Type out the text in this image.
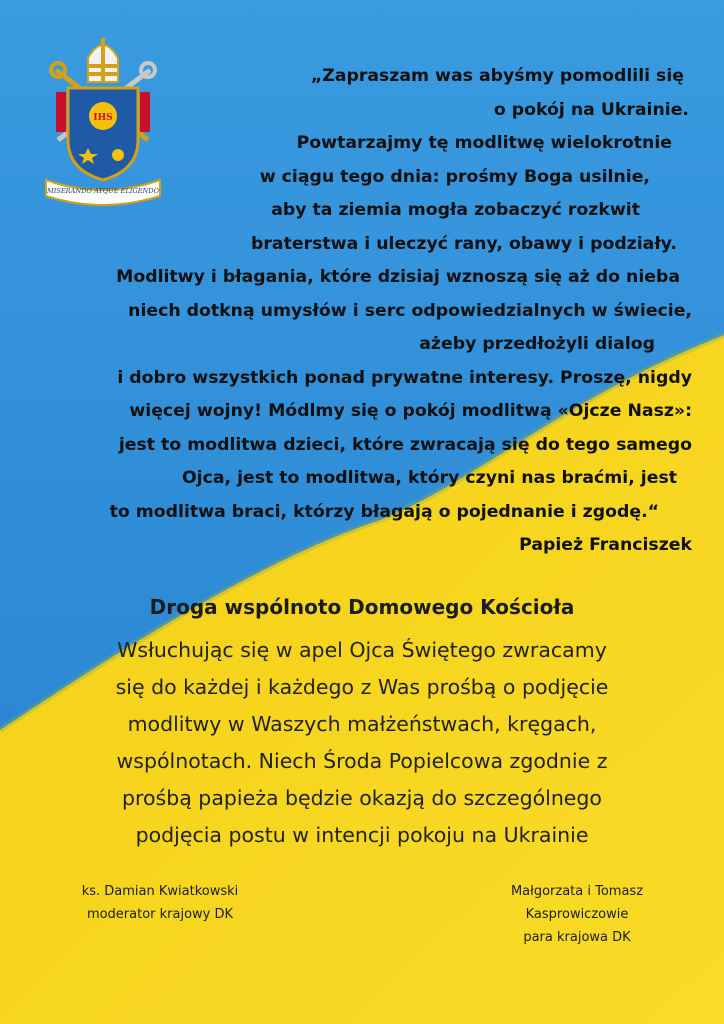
IHS
MISERANDO ATQUE ELIGENDO
„Zapraszam was abyśmy pomodlili się
o pokój na Ukrainie.
Powtarzajmy tę modlitwę wielokrotnie
w ciągu tego dnia: prośmy Boga usilnie,
aby ta ziemia mogła zobaczyć rozkwit
braterstwa i uleczyć rany, obawy i podziały.
Modlitwy i błagania, które dzisiaj wznoszą się aż do nieba
niech dotkną umysłów i serc odpowiedzialnych w świecie,
ażeby przedłożyli dialog
i dobro wszystkich ponad prywatne interesy. Proszę, nigdy
więcej wojny! Módlmy się o pokój modlitwą «Ojcze Nasz»:
jest to modlitwa dzieci, które zwracają się do tego samego
Ojca, jest to modlitwa, który czyni nas braćmi, jest
to modlitwa braci, którzy błagają o pojednanie i zgodę.“
Papież Franciszek
Droga wspólnoto Domowego Kościoła
Wsłuchując się w apel Ojca Świętego zwracamy
się do każdej i każdego z Was prośbą o podjęcie
modlitwy w Waszych małżeństwach, kręgach,
wspólnotach. Niech Środa Popielcowa zgodnie z
prośbą papieża będzie okazją do szczególnego
podjęcia postu w intencji pokoju na Ukrainie
ks. Damian Kwiatkowski
moderator krajowy DK
Małgorzata i Tomasz
Kasprowiczowie
para krajowa DK
